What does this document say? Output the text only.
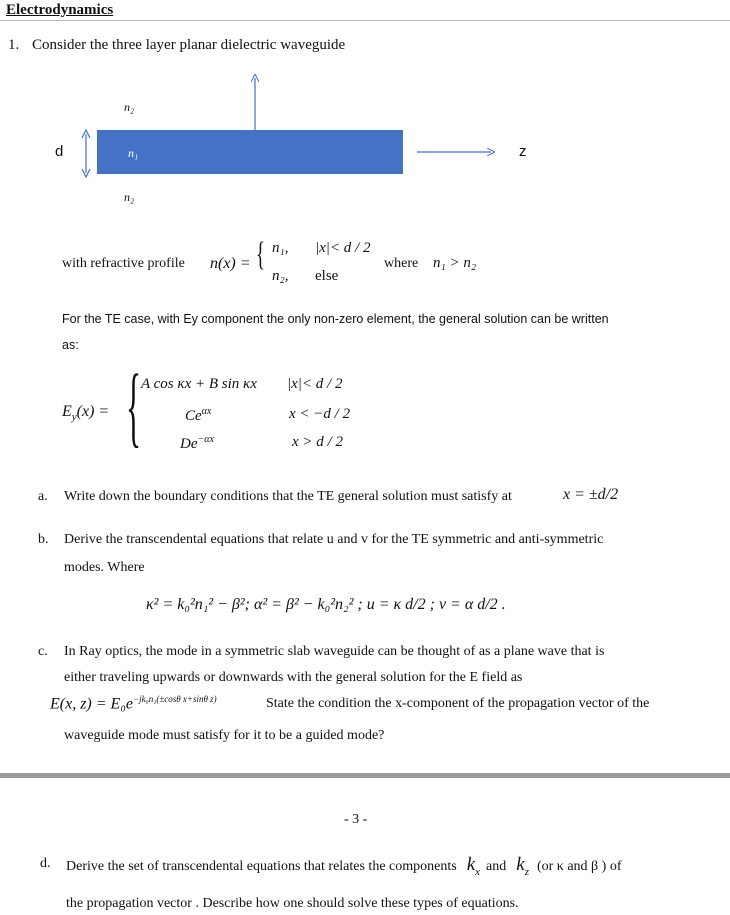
Electrodynamics
1. Consider the three layer planar dielectric waveguide
n₂
n₁
n₂
d	z
with refractive profile n(x) = { n₁, |x|< d / 2
n₂, else
where n₁ > n₂
For the TE case, with Ey component the only non-zero element, the general solution can be written
as:
$E_y(x)$ = { A cos κx + B sin κx |x|< d / 2
$Ce^{\alpha x}$	x < −d / 2
$De^{-\alpha x}$	x > d / 2
a. Write down the boundary conditions that the TE general solution must satisfy at	x = ±d/2
b. Derive the transcendental equations that relate u and v for the TE symmetric and anti-symmetric
modes. Where
κ² = k₀²n₁² − β²; α² = β² − k₀²n₂² ; u = κ d/2 ; v = α d/2 .
c. In Ray optics, the mode in a symmetric slab waveguide can be thought of as a plane wave that is
either traveling upwards or downwards with the general solution for the E field as
E(x, $z) = E_0e^{-jk_0n_1(\pm cos\theta x+sin\theta z)}$	State the condition the x-component of the propagation vector of the
waveguide mode must satisfy for it to be a guided mode?
- 3 -
d. Derive the set of transcendental equations that relates the components $k_x$ and $k_z$ (or κ and β ) of
the propagation vector . Describe how one should solve these types of equations.
